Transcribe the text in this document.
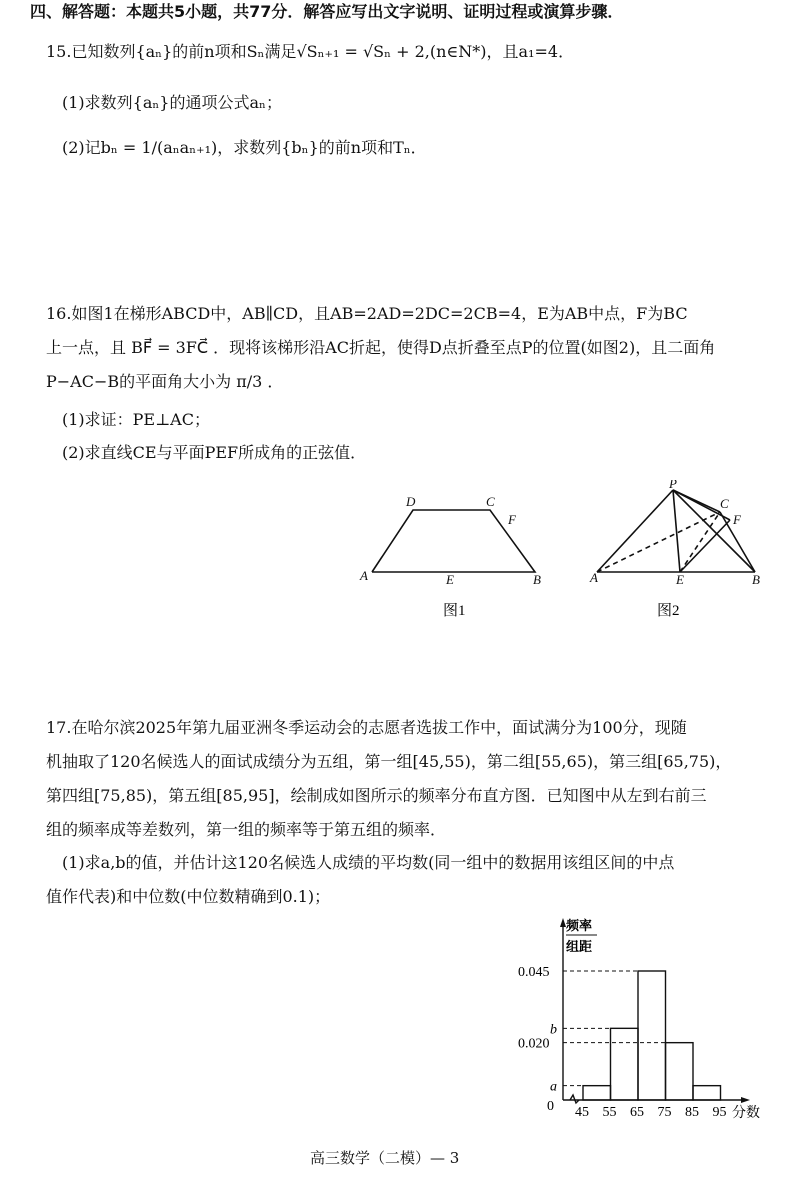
四、解答题：本题共5小题，共77分．解答应写出文字说明、证明过程或演算步骤．
15.已知数列{aₙ}的前n项和Sₙ满足√Sₙ₊₁ = √Sₙ + 2,(n∈N*)，且a₁=4．
(1)求数列{aₙ}的通项公式aₙ；
(2)记bₙ = 1/(aₙaₙ₊₁)，求数列{bₙ}的前n项和Tₙ．
16.如图1在梯形ABCD中，AB∥CD，且AB=2AD=2DC=2CB=4，E为AB中点，F为BC
上一点，且 BF⃗ = 3FC⃗ ．现将该梯形沿AC折起，使得D点折叠至点P的位置(如图2)，且二面角
P−AC−B的平面角大小为 π/3 ．
(1)求证：PE⊥AC；
(2)求直线CE与平面PEF所成角的正弦值．
A	B
C
D
E
F
图1
P
A	B
C
F
E
图2
17.在哈尔滨2025年第九届亚洲冬季运动会的志愿者选拔工作中，面试满分为100分，现随
机抽取了120名候选人的面试成绩分为五组，第一组[45,55)，第二组[55,65)，第三组[65,75)，
第四组[75,85)，第五组[85,95]，绘制成如图所示的频率分布直方图．已知图中从左到右前三
组的频率成等差数列，第一组的频率等于第五组的频率．
(1)求a,b的值，并估计这120名候选人成绩的平均数(同一组中的数据用该组区间的中点
值作代表)和中位数(中位数精确到0.1)；
频率
组距
0	分数
a
b
0.045
0.020
45 55 65 75 85 95
高三数学（二模）— 3
